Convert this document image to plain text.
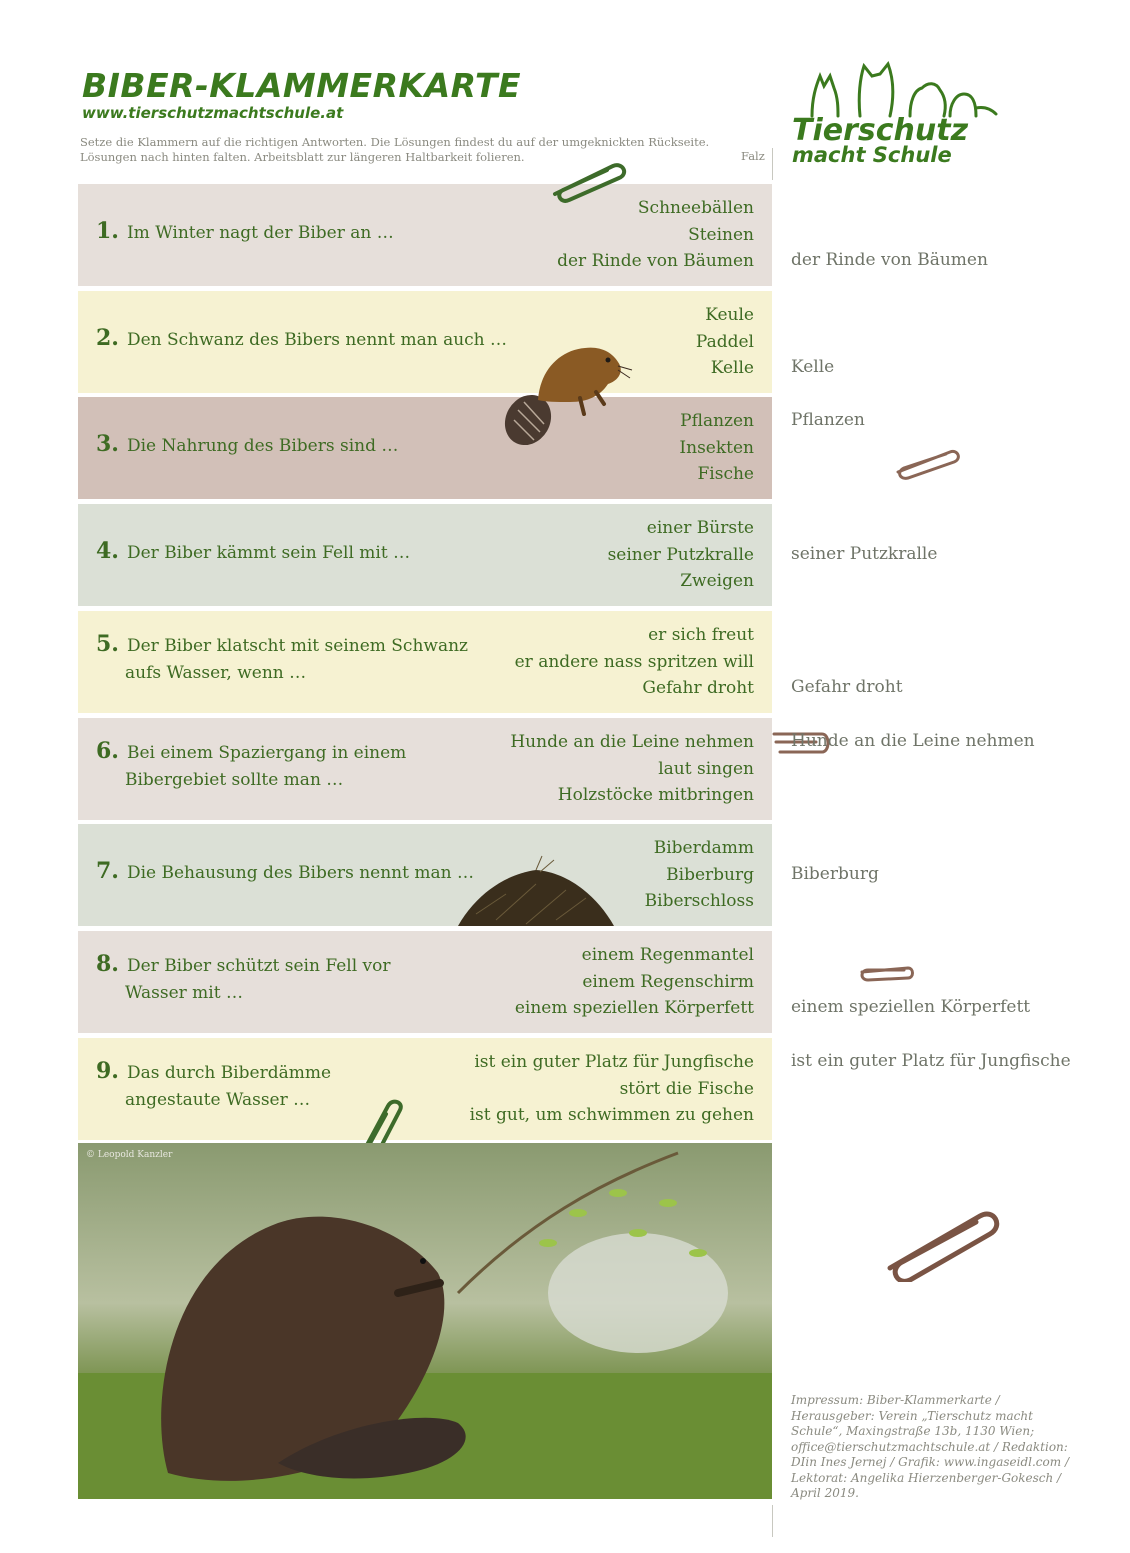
BIBER-KLAMMERKARTE
www.tierschutzmachtschule.at
Setze die Klammern auf die richtigen Antworten. Die Lösungen findest du auf der umgeknickten Rückseite. Lösungen nach hinten falten. Arbeitsblatt zur längeren Haltbarkeit folieren.	Falz
Tierschutz
macht Schule
1. Im Winter nagt der Biber an …
Schneebällen
Steinen
der Rinde von Bäumen
2. Den Schwanz des Bibers nennt man auch …
Keule
Paddel
Kelle
3. Die Nahrung des Bibers sind …
Pflanzen
Insekten
Fische
4. Der Biber kämmt sein Fell mit …
einer Bürste
seiner Putzkralle
Zweigen
5. Der Biber klatscht mit seinem Schwanz
aufs Wasser, wenn …
er sich freut
er andere nass spritzen will
Gefahr droht
6. Bei einem Spaziergang in einem
Bibergebiet sollte man …
Hunde an die Leine nehmen
laut singen
Holzstöcke mitbringen
7. Die Behausung des Bibers nennt man …
Biberdamm
Biberburg
Biberschloss
8. Der Biber schützt sein Fell vor
Wasser mit …
einem Regenmantel
einem Regenschirm
einem speziellen Körperfett
9. Das durch Biberdämme
angestaute Wasser …
ist ein guter Platz für Jungfische
stört die Fische
ist gut, um schwimmen zu gehen
© Leopold Kanzler
Impressum: Biber-Klammerkarte / Herausgeber: Verein „Tierschutz macht Schule“, Maxingstraße 13b, 1130 Wien; office@tierschutzmachtschule.at / Redaktion: DIin Ines Jernej / Grafik: www.ingaseidl.com / Lektorat: Angelika Hierzenberger-Gokesch / April 2019.
der Rinde von Bäumen
Kelle
Pflanzen
seiner Putzkralle
Gefahr droht
Hunde an die Leine nehmen
Biberburg
einem speziellen Körperfett
ist ein guter Platz für Jungfische
